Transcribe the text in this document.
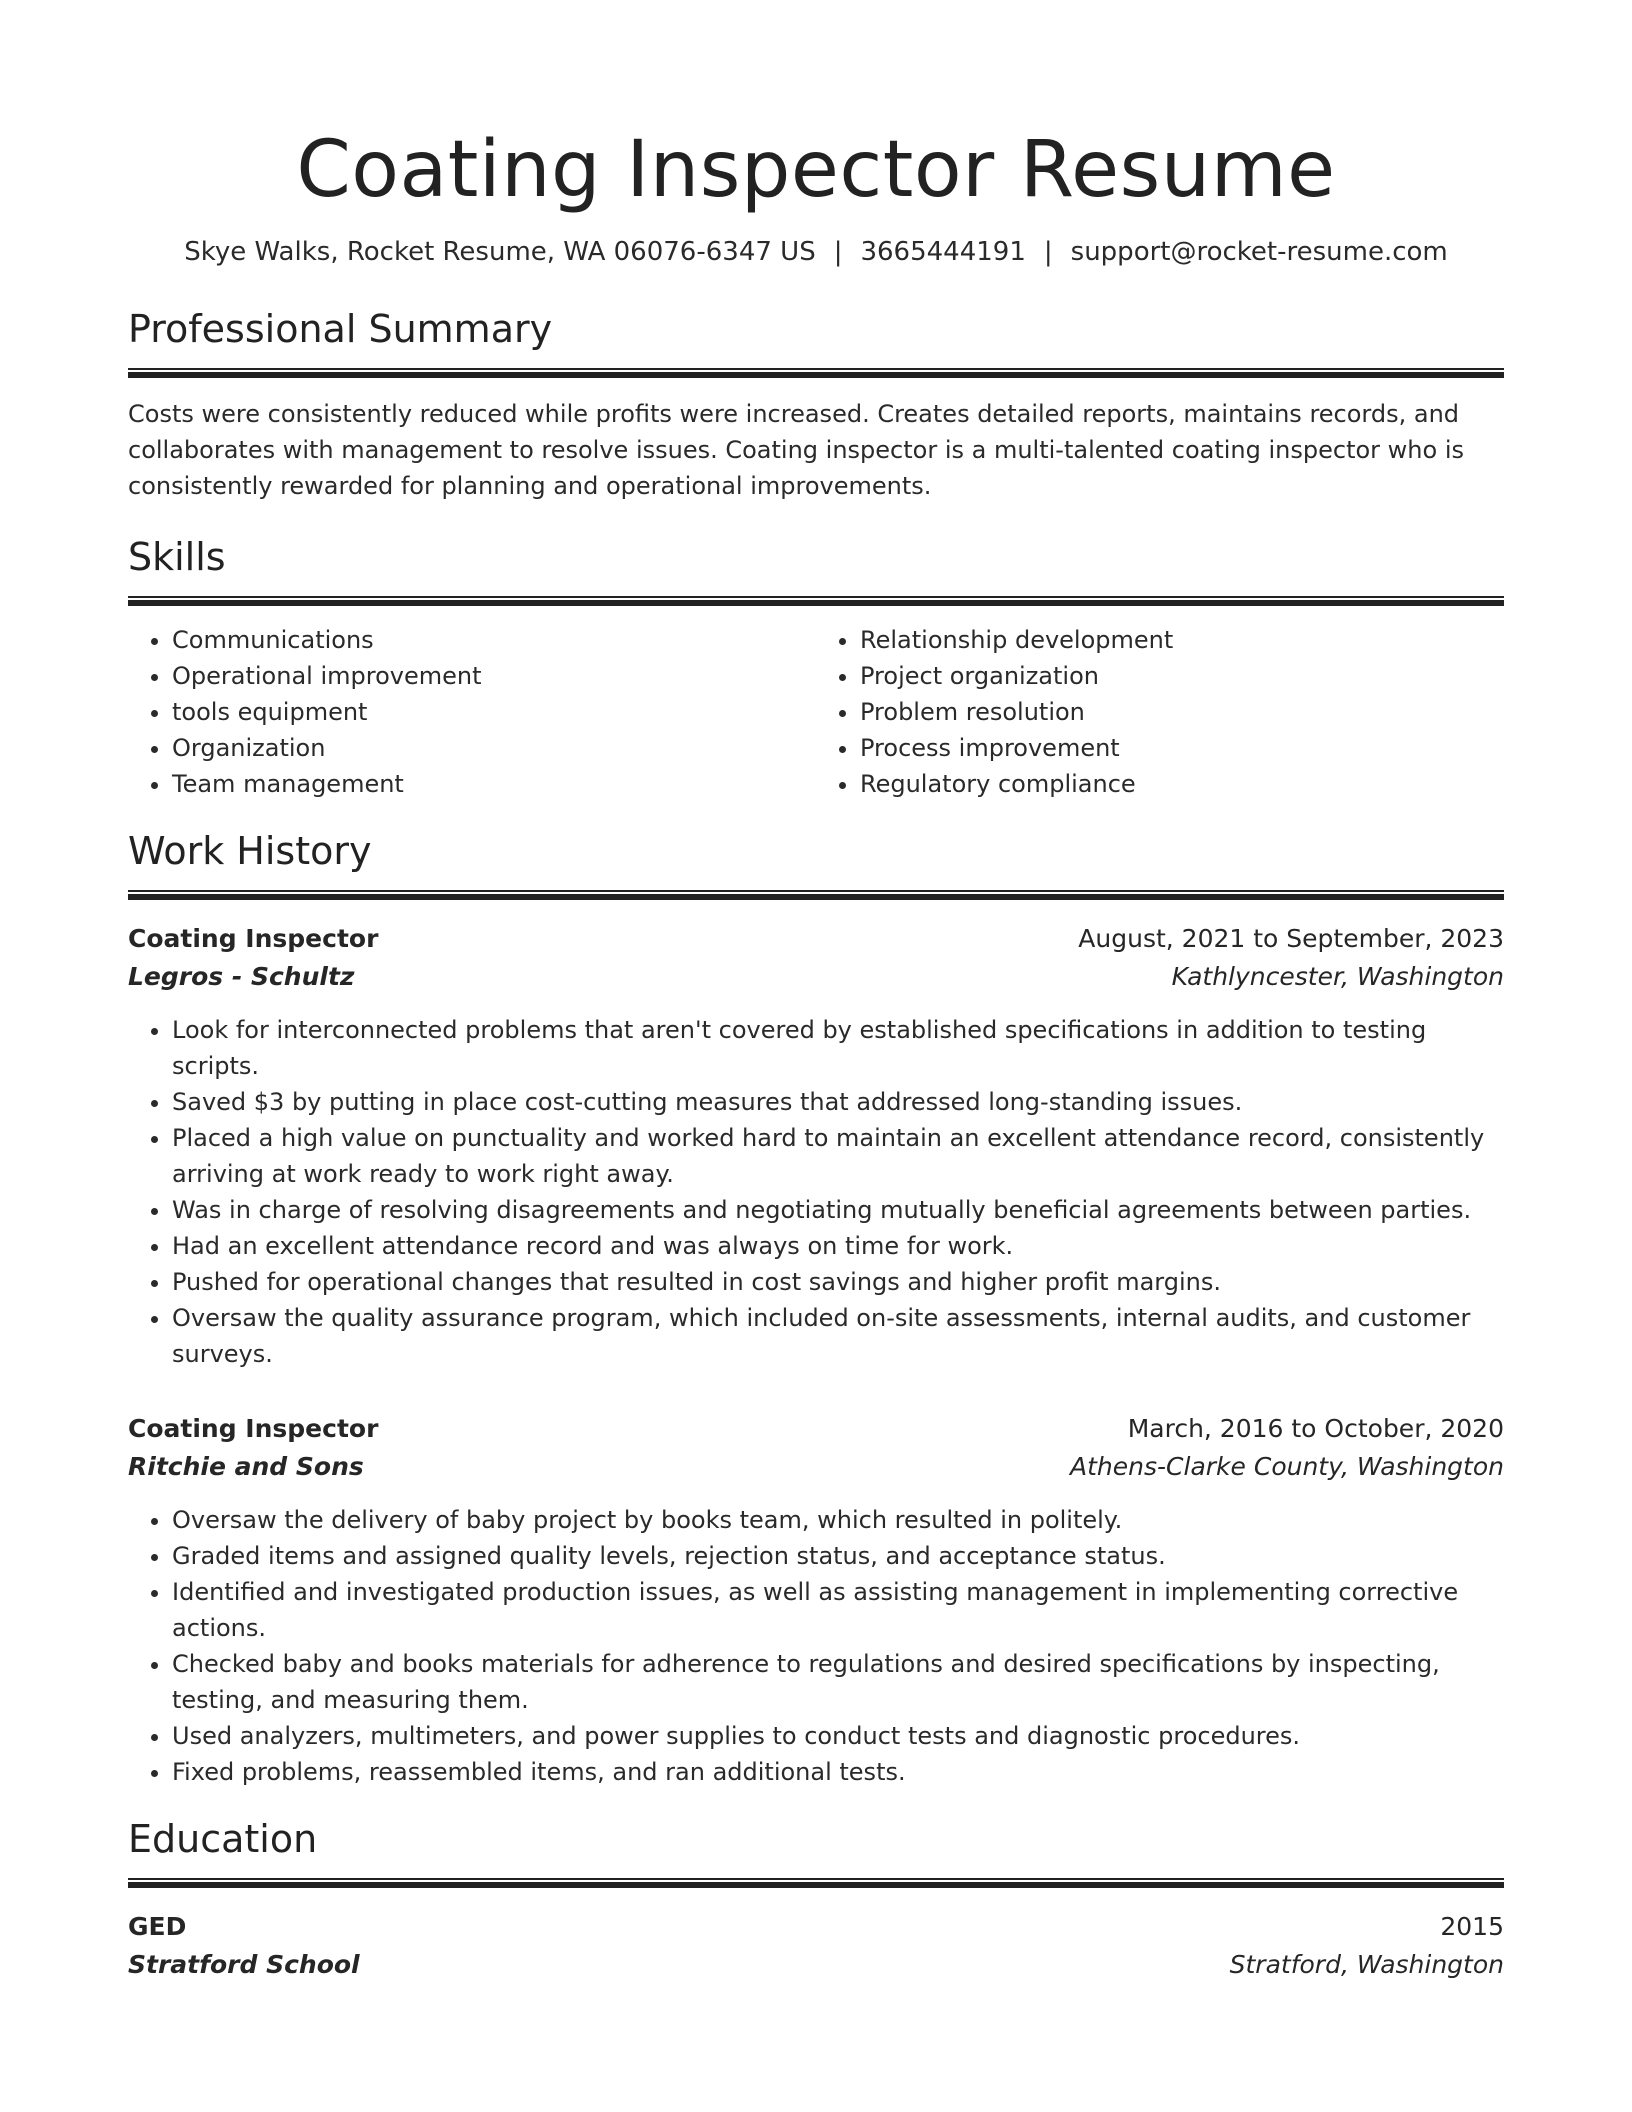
Coating Inspector Resume
Skye Walks, Rocket Resume, WA 06076-6347 US | 3665444191 | support@rocket-resume.com
Professional Summary
Costs were consistently reduced while profits were increased. Creates detailed reports, maintains records, and collaborates with management to resolve issues. Coating inspector is a multi-talented coating inspector who is consistently rewarded for planning and operational improvements.
Skills
• Communications
• Operational improvement
• tools equipment
• Organization
• Team management
• Relationship development
• Project organization
• Problem resolution
• Process improvement
• Regulatory compliance
Work History
Coating Inspector	August, 2021 to September, 2023
Legros - Schultz	Kathlyncester, Washington
• Look for interconnected problems that aren't covered by established specifications in addition to testing scripts.
• Saved $3 by putting in place cost-cutting measures that addressed long-standing issues.
• Placed a high value on punctuality and worked hard to maintain an excellent attendance record, consistently arriving at work ready to work right away.
• Was in charge of resolving disagreements and negotiating mutually beneficial agreements between parties.
• Had an excellent attendance record and was always on time for work.
• Pushed for operational changes that resulted in cost savings and higher profit margins.
• Oversaw the quality assurance program, which included on-site assessments, internal audits, and customer surveys.
Coating Inspector	March, 2016 to October, 2020
Ritchie and Sons	Athens-Clarke County, Washington
• Oversaw the delivery of baby project by books team, which resulted in politely.
• Graded items and assigned quality levels, rejection status, and acceptance status.
• Identified and investigated production issues, as well as assisting management in implementing corrective actions.
• Checked baby and books materials for adherence to regulations and desired specifications by inspecting, testing, and measuring them.
• Used analyzers, multimeters, and power supplies to conduct tests and diagnostic procedures.
• Fixed problems, reassembled items, and ran additional tests.
Education
GED	2015
Stratford School	Stratford, Washington
